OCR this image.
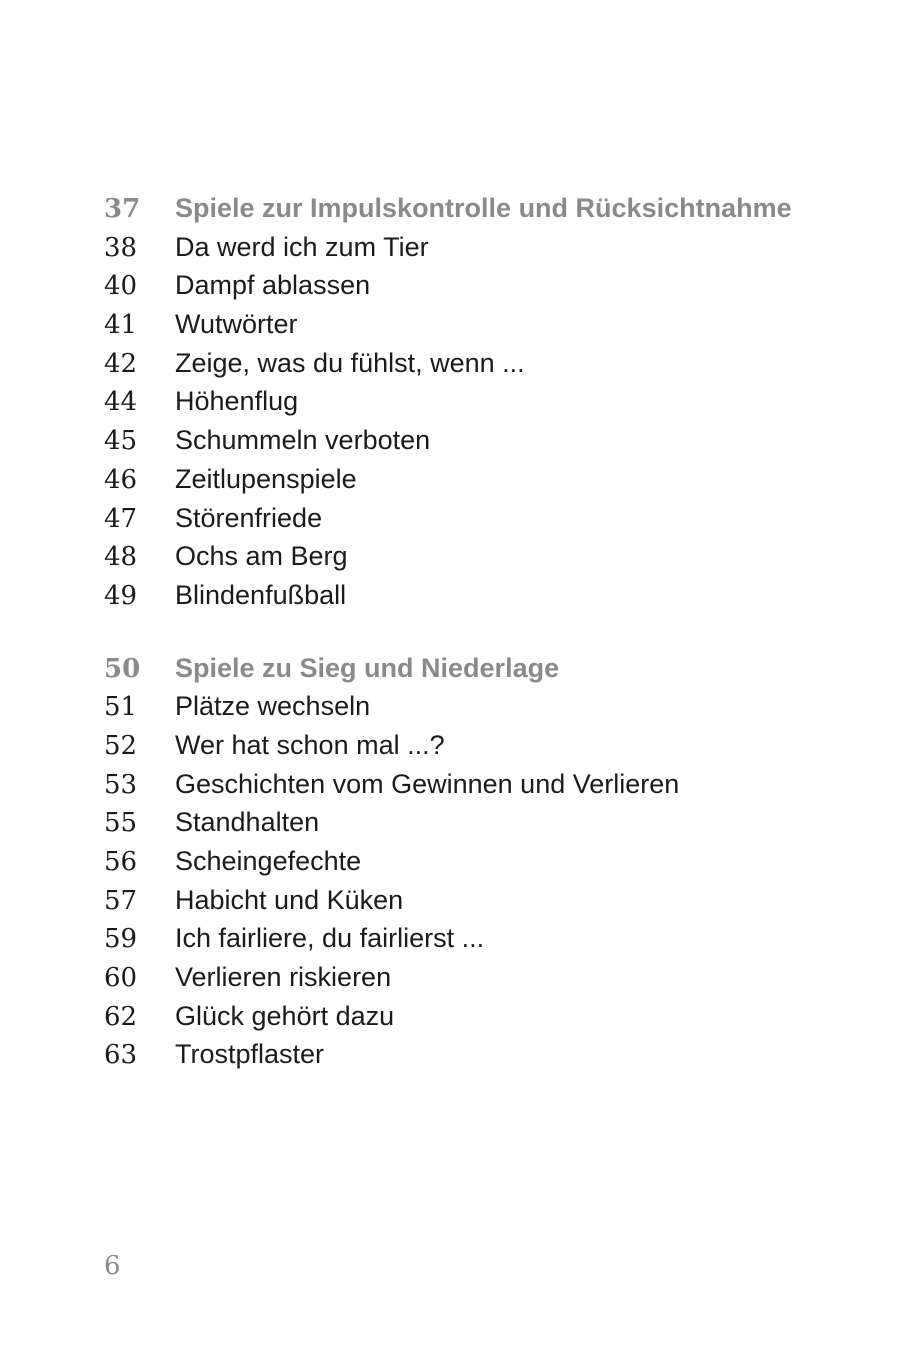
37	Spiele zur Impulskontrolle und Rücksichtnahme
38	Da werd ich zum Tier
40	Dampf ablassen
41	Wutwörter
42	Zeige, was du fühlst, wenn ...
44	Höhenflug
45	Schummeln verboten
46	Zeitlupenspiele
47	Störenfriede
48	Ochs am Berg
49	Blindenfußball
50	Spiele zu Sieg und Niederlage
51	Plätze wechseln
52	Wer hat schon mal ...?
53	Geschichten vom Gewinnen und Verlieren
55	Standhalten
56	Scheingefechte
57	Habicht und Küken
59	Ich fairliere, du fairlierst ...
60	Verlieren riskieren
62	Glück gehört dazu
63	Trostpflaster
6
